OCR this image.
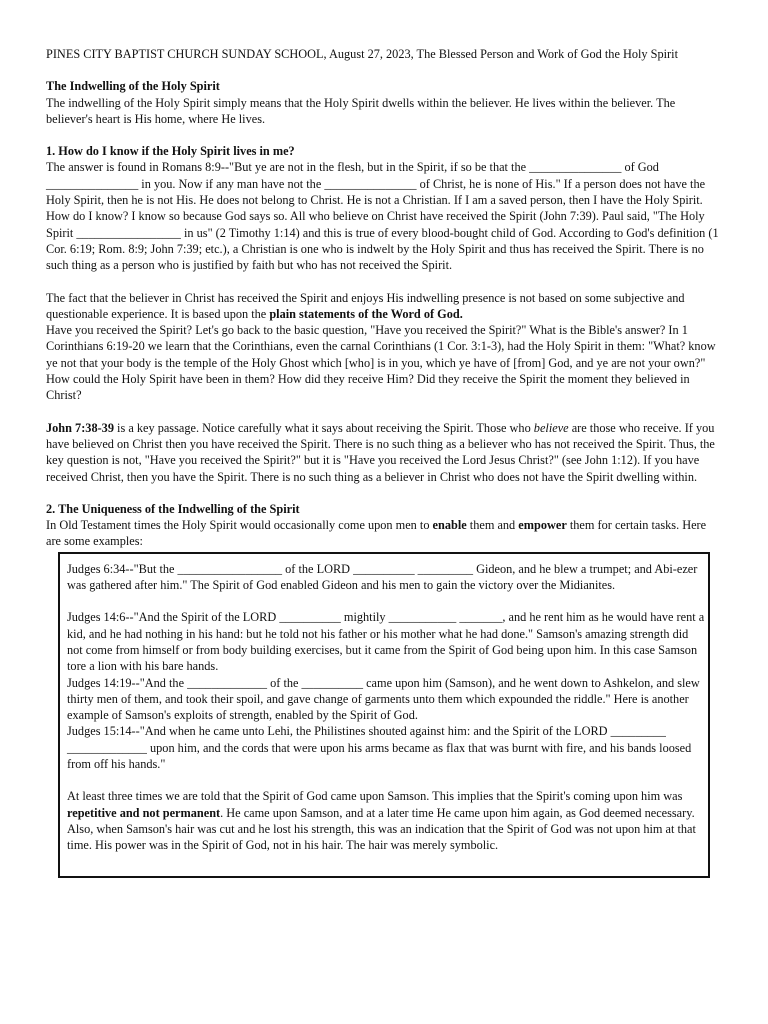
PINES CITY BAPTIST CHURCH SUNDAY SCHOOL, August 27, 2023, The Blessed Person and Work of God the Holy Spirit

The Indwelling of the Holy Spirit

The indwelling of the Holy Spirit simply means that the Holy Spirit dwells within the believer. He lives within the believer. The believer's heart is His home, where He lives.

1. How do I know if the Holy Spirit lives in me?

The answer is found in Romans 8:9--"But ye are not in the flesh, but in the Spirit, if so be that the _______________ of God _______________ in you. Now if any man have not the _______________ of Christ, he is none of His." If a person does not have the Holy Spirit, then he is not His. He does not belong to Christ. He is not a Christian. If I am a saved person, then I have the Holy Spirit. How do I know? I know so because God says so. All who believe on Christ have received the Spirit (John 7:39). Paul said, "The Holy Spirit _________________ in us" (2 Timothy 1:14) and this is true of every blood-bought child of God. According to God's definition (1 Cor. 6:19; Rom. 8:9; John 7:39; etc.), a Christian is one who is indwelt by the Holy Spirit and thus has received the Spirit. There is no such thing as a person who is justified by faith but who has not received the Spirit.

The fact that the believer in Christ has received the Spirit and enjoys His indwelling presence is not based on some subjective and questionable experience. It is based upon the plain statements of the Word of God.

Have you received the Spirit? Let's go back to the basic question, "Have you received the Spirit?" What is the Bible's answer? In 1 Corinthians 6:19-20 we learn that the Corinthians, even the carnal Corinthians (1 Cor. 3:1-3), had the Holy Spirit in them: "What? know ye not that your body is the temple of the Holy Ghost which [who] is in you, which ye have of [from] God, and ye are not your own?" How could the Holy Spirit have been in them? How did they receive Him? Did they receive the Spirit the moment they believed in Christ?

John 7:38-39 is a key passage. Notice carefully what it says about receiving the Spirit. Those who believe are those who receive. If you have believed on Christ then you have received the Spirit. There is no such thing as a believer who has not received the Spirit. Thus, the key question is not, "Have you received the Spirit?" but it is "Have you received the Lord Jesus Christ?" (see John 1:12). If you have received Christ, then you have the Spirit. There is no such thing as a believer in Christ who does not have the Spirit dwelling within.

2. The Uniqueness of the Indwelling of the Spirit

In Old Testament times the Holy Spirit would occasionally come upon men to enable them and empower them for certain tasks. Here are some examples:

Judges 6:34--"But the _________________ of the LORD __________ _________ Gideon, and he blew a trumpet; and Abi-ezer was gathered after him." The Spirit of God enabled Gideon and his men to gain the victory over the Midianites.

Judges 14:6--"And the Spirit of the LORD __________ mightily ___________ _______, and he rent him as he would have rent a kid, and he had nothing in his hand: but he told not his father or his mother what he had done." Samson's amazing strength did not come from himself or from body building exercises, but it came from the Spirit of God being upon him. In this case Samson tore a lion with his bare hands.

Judges 14:19--"And the _____________ of the __________ came upon him (Samson), and he went down to Ashkelon, and slew thirty men of them, and took their spoil, and gave change of garments unto them which expounded the riddle." Here is another example of Samson's exploits of strength, enabled by the Spirit of God.

Judges 15:14--"And when he came unto Lehi, the Philistines shouted against him: and the Spirit of the LORD _________ _____________ upon him, and the cords that were upon his arms became as flax that was burnt with fire, and his bands loosed from off his hands."

At least three times we are told that the Spirit of God came upon Samson. This implies that the Spirit's coming upon him was repetitive and not permanent. He came upon Samson, and at a later time He came upon him again, as God deemed necessary. Also, when Samson's hair was cut and he lost his strength, this was an indication that the Spirit of God was not upon him at that time. His power was in the Spirit of God, not in his hair. The hair was merely symbolic.
